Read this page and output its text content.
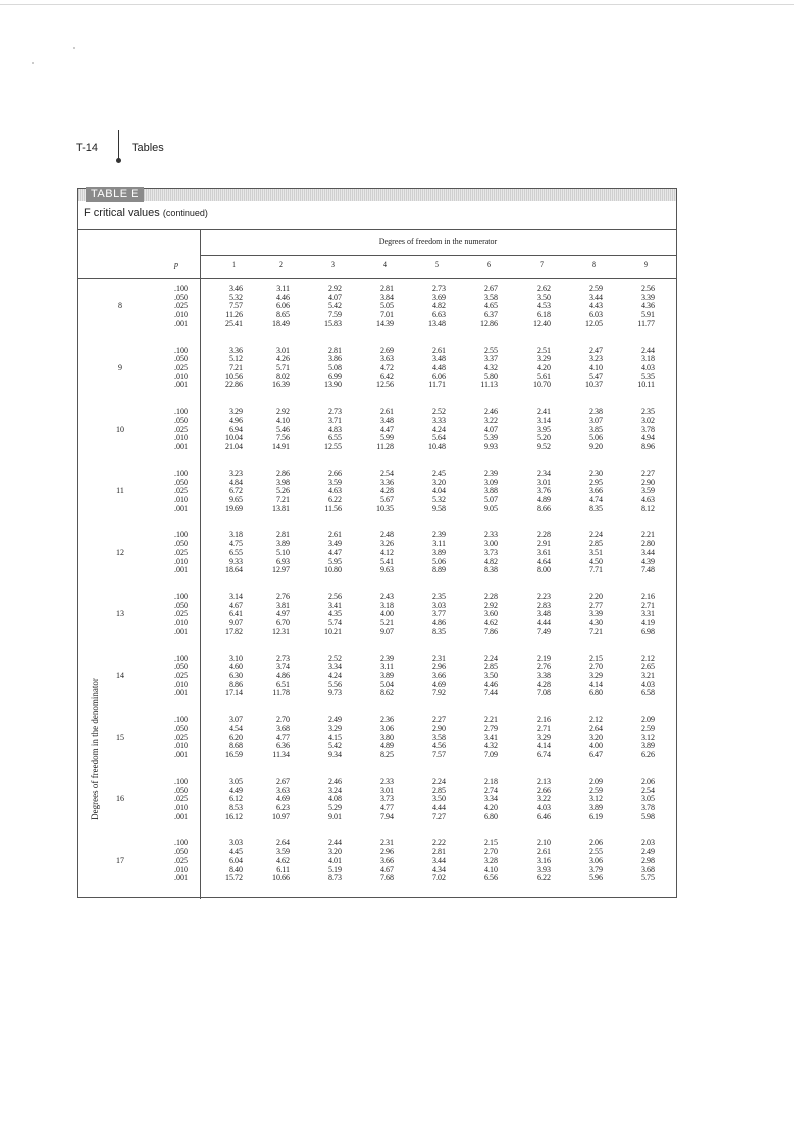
T-14	Tables
TABLE E
F critical values (continued)
Degrees of freedom in the numerator
Degrees of freedom in the denominator
p	1	2	3	4	5	6	7	8	9
8
.100	3.46	3.11	2.92	2.81	2.73	2.67	2.62	2.59	2.56
.050	5.32	4.46	4.07	3.84	3.69	3.58	3.50	3.44	3.39
.025	7.57	6.06	5.42	5.05	4.82	4.65	4.53	4.43	4.36
.010	11.26	8.65	7.59	7.01	6.63	6.37	6.18	6.03	5.91
.001	25.41	18.49	15.83	14.39	13.48	12.86	12.40	12.05	11.77
9
.100	3.36	3.01	2.81	2.69	2.61	2.55	2.51	2.47	2.44
.050	5.12	4.26	3.86	3.63	3.48	3.37	3.29	3.23	3.18
.025	7.21	5.71	5.08	4.72	4.48	4.32	4.20	4.10	4.03
.010	10.56	8.02	6.99	6.42	6.06	5.80	5.61	5.47	5.35
.001	22.86	16.39	13.90	12.56	11.71	11.13	10.70	10.37	10.11
10
.100	3.29	2.92	2.73	2.61	2.52	2.46	2.41	2.38	2.35
.050	4.96	4.10	3.71	3.48	3.33	3.22	3.14	3.07	3.02
.025	6.94	5.46	4.83	4.47	4.24	4.07	3.95	3.85	3.78
.010	10.04	7.56	6.55	5.99	5.64	5.39	5.20	5.06	4.94
.001	21.04	14.91	12.55	11.28	10.48	9.93	9.52	9.20	8.96
11
.100	3.23	2.86	2.66	2.54	2.45	2.39	2.34	2.30	2.27
.050	4.84	3.98	3.59	3.36	3.20	3.09	3.01	2.95	2.90
.025	6.72	5.26	4.63	4.28	4.04	3.88	3.76	3.66	3.59
.010	9.65	7.21	6.22	5.67	5.32	5.07	4.89	4.74	4.63
.001	19.69	13.81	11.56	10.35	9.58	9.05	8.66	8.35	8.12
12
.100	3.18	2.81	2.61	2.48	2.39	2.33	2.28	2.24	2.21
.050	4.75	3.89	3.49	3.26	3.11	3.00	2.91	2.85	2.80
.025	6.55	5.10	4.47	4.12	3.89	3.73	3.61	3.51	3.44
.010	9.33	6.93	5.95	5.41	5.06	4.82	4.64	4.50	4.39
.001	18.64	12.97	10.80	9.63	8.89	8.38	8.00	7.71	7.48
13
.100	3.14	2.76	2.56	2.43	2.35	2.28	2.23	2.20	2.16
.050	4.67	3.81	3.41	3.18	3.03	2.92	2.83	2.77	2.71
.025	6.41	4.97	4.35	4.00	3.77	3.60	3.48	3.39	3.31
.010	9.07	6.70	5.74	5.21	4.86	4.62	4.44	4.30	4.19
.001	17.82	12.31	10.21	9.07	8.35	7.86	7.49	7.21	6.98
14
.100	3.10	2.73	2.52	2.39	2.31	2.24	2.19	2.15	2.12
.050	4.60	3.74	3.34	3.11	2.96	2.85	2.76	2.70	2.65
.025	6.30	4.86	4.24	3.89	3.66	3.50	3.38	3.29	3.21
.010	8.86	6.51	5.56	5.04	4.69	4.46	4.28	4.14	4.03
.001	17.14	11.78	9.73	8.62	7.92	7.44	7.08	6.80	6.58
15
.100	3.07	2.70	2.49	2.36	2.27	2.21	2.16	2.12	2.09
.050	4.54	3.68	3.29	3.06	2.90	2.79	2.71	2.64	2.59
.025	6.20	4.77	4.15	3.80	3.58	3.41	3.29	3.20	3.12
.010	8.68	6.36	5.42	4.89	4.56	4.32	4.14	4.00	3.89
.001	16.59	11.34	9.34	8.25	7.57	7.09	6.74	6.47	6.26
16
.100	3.05	2.67	2.46	2.33	2.24	2.18	2.13	2.09	2.06
.050	4.49	3.63	3.24	3.01	2.85	2.74	2.66	2.59	2.54
.025	6.12	4.69	4.08	3.73	3.50	3.34	3.22	3.12	3.05
.010	8.53	6.23	5.29	4.77	4.44	4.20	4.03	3.89	3.78
.001	16.12	10.97	9.01	7.94	7.27	6.80	6.46	6.19	5.98
17
.100	3.03	2.64	2.44	2.31	2.22	2.15	2.10	2.06	2.03
.050	4.45	3.59	3.20	2.96	2.81	2.70	2.61	2.55	2.49
.025	6.04	4.62	4.01	3.66	3.44	3.28	3.16	3.06	2.98
.010	8.40	6.11	5.19	4.67	4.34	4.10	3.93	3.79	3.68
.001	15.72	10.66	8.73	7.68	7.02	6.56	6.22	5.96	5.75
